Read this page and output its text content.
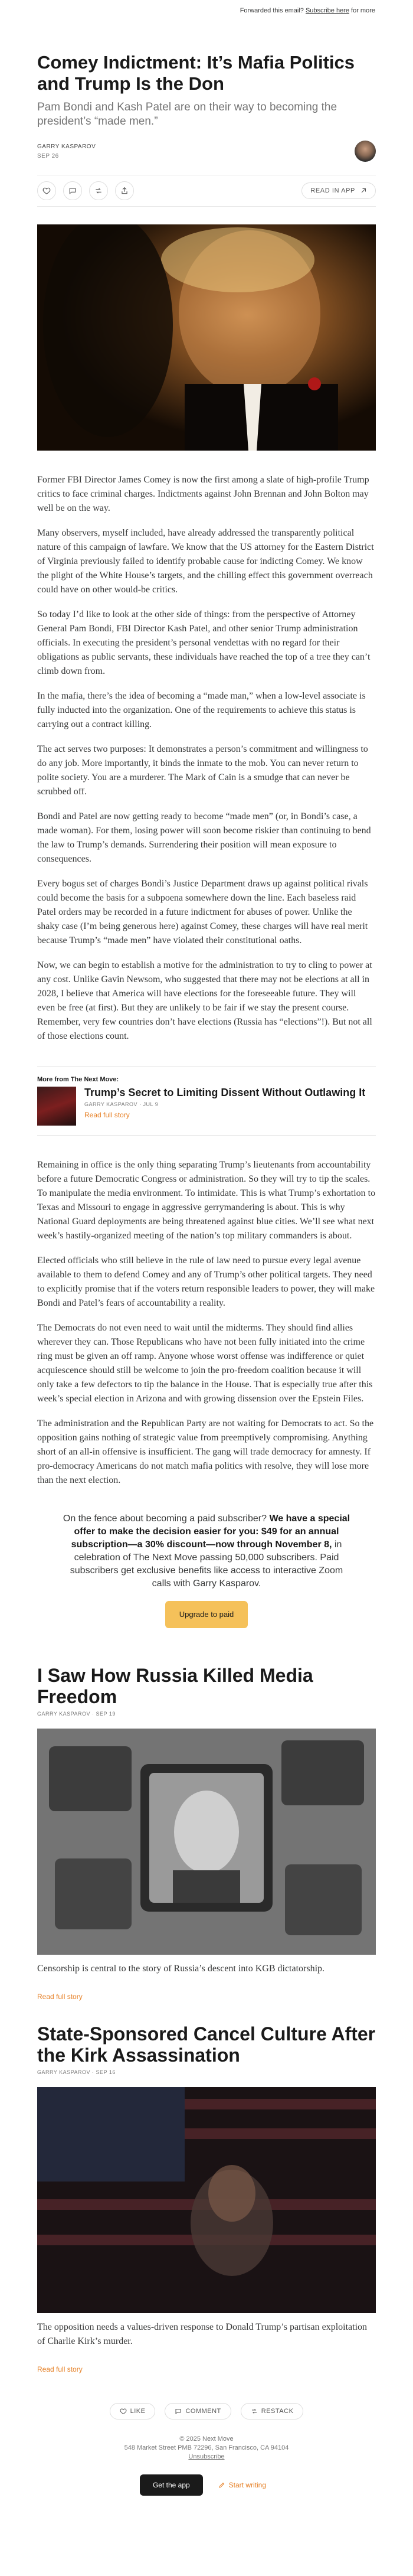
Forwarded this email? Subscribe here for more
Comey Indictment: It’s Mafia Politics and Trump Is the Don
Pam Bondi and Kash Patel are on their way to becoming the president’s “made men.”
GARRY KASPAROV
SEP 26
READ IN APP

Former FBI Director James Comey is now the first among a slate of high-profile Trump critics to face criminal charges. Indictments against John Brennan and John Bolton may well be on the way.

Many observers, myself included, have already addressed the transparently political nature of this campaign of lawfare. We know that the US attorney for the Eastern District of Virginia previously failed to identify probable cause for indicting Comey. We know the plight of the White House’s targets, and the chilling effect this government overreach could have on other would-be critics.

So today I’d like to look at the other side of things: from the perspective of Attorney General Pam Bondi, FBI Director Kash Patel, and other senior Trump administration officials. In executing the president’s personal vendettas with no regard for their obligations as public servants, these individuals have reached the top of a tree they can’t climb down from.

In the mafia, there’s the idea of becoming a “made man,” when a low-level associate is fully inducted into the organization. One of the requirements to achieve this status is carrying out a contract killing.

The act serves two purposes: It demonstrates a person’s commitment and willingness to do any job. More importantly, it binds the inmate to the mob. You can never return to polite society. You are a murderer. The Mark of Cain is a smudge that can never be scrubbed off.

Bondi and Patel are now getting ready to become “made men” (or, in Bondi’s case, a made woman). For them, losing power will soon become riskier than continuing to bend the law to Trump’s demands. Surrendering their position will mean exposure to consequences.

Every bogus set of charges Bondi’s Justice Department draws up against political rivals could become the basis for a subpoena somewhere down the line. Each baseless raid Patel orders may be recorded in a future indictment for abuses of power. Unlike the shaky case (I’m being generous here) against Comey, these charges will have real merit because Trump’s “made men” have violated their constitutional oaths.

Now, we can begin to establish a motive for the administration to try to cling to power at any cost. Unlike Gavin Newsom, who suggested that there may not be elections at all in 2028, I believe that America will have elections for the foreseeable future. They will even be free (at first). But they are unlikely to be fair if we stay the present course. Remember, very few countries don’t have elections (Russia has “elections”!). But not all of those elections count.

More from The Next Move:
Trump’s Secret to Limiting Dissent Without Outlawing It
GARRY KASPAROV · JUL 9
Read full story

Remaining in office is the only thing separating Trump’s lieutenants from accountability before a future Democratic Congress or administration. So they will try to tip the scales. To manipulate the media environment. To intimidate. This is what Trump’s exhortation to Texas and Missouri to engage in aggressive gerrymandering is about. This is why National Guard deployments are being threatened against blue cities. We’ll see what next week’s hastily-organized meeting of the nation’s top military commanders is about.

Elected officials who still believe in the rule of law need to pursue every legal avenue available to them to defend Comey and any of Trump’s other political targets. They need to explicitly promise that if the voters return responsible leaders to power, they will make Bondi and Patel’s fears of accountability a reality.

The Democrats do not even need to wait until the midterms. They should find allies wherever they can. Those Republicans who have not been fully initiated into the crime ring must be given an off ramp. Anyone whose worst offense was indifference or quiet acquiescence should still be welcome to join the pro-freedom coalition because it will only take a few defectors to tip the balance in the House. That is especially true after this week’s special election in Arizona and with growing dissension over the Epstein Files.

The administration and the Republican Party are not waiting for Democrats to act. So the opposition gains nothing of strategic value from preemptively compromising. Anything short of an all-in offensive is insufficient. The gang will trade democracy for amnesty. If pro-democracy Americans do not match mafia politics with resolve, they will lose more than the next election.

On the fence about becoming a paid subscriber? We have a special offer to make the decision easier for you: $49 for an annual subscription—a 30% discount—now through November 8, in celebration of The Next Move passing 50,000 subscribers. Paid subscribers get exclusive benefits like access to interactive Zoom calls with Garry Kasparov.
Upgrade to paid
I Saw How Russia Killed Media Freedom
GARRY KASPAROV · SEP 19

Censorship is central to the story of Russia’s descent into KGB dictatorship.

Read full story
State-Sponsored Cancel Culture After the Kirk Assassination
GARRY KASPAROV · SEP 16

The opposition needs a values-driven response to Donald Trump’s partisan exploitation of Charlie Kirk’s murder.

Read full story
LIKE	COMMENT	RESTACK
© 2025 Next Move
548 Market Street PMB 72296, San Francisco, CA 94104
Unsubscribe
Get the app	Start writing
